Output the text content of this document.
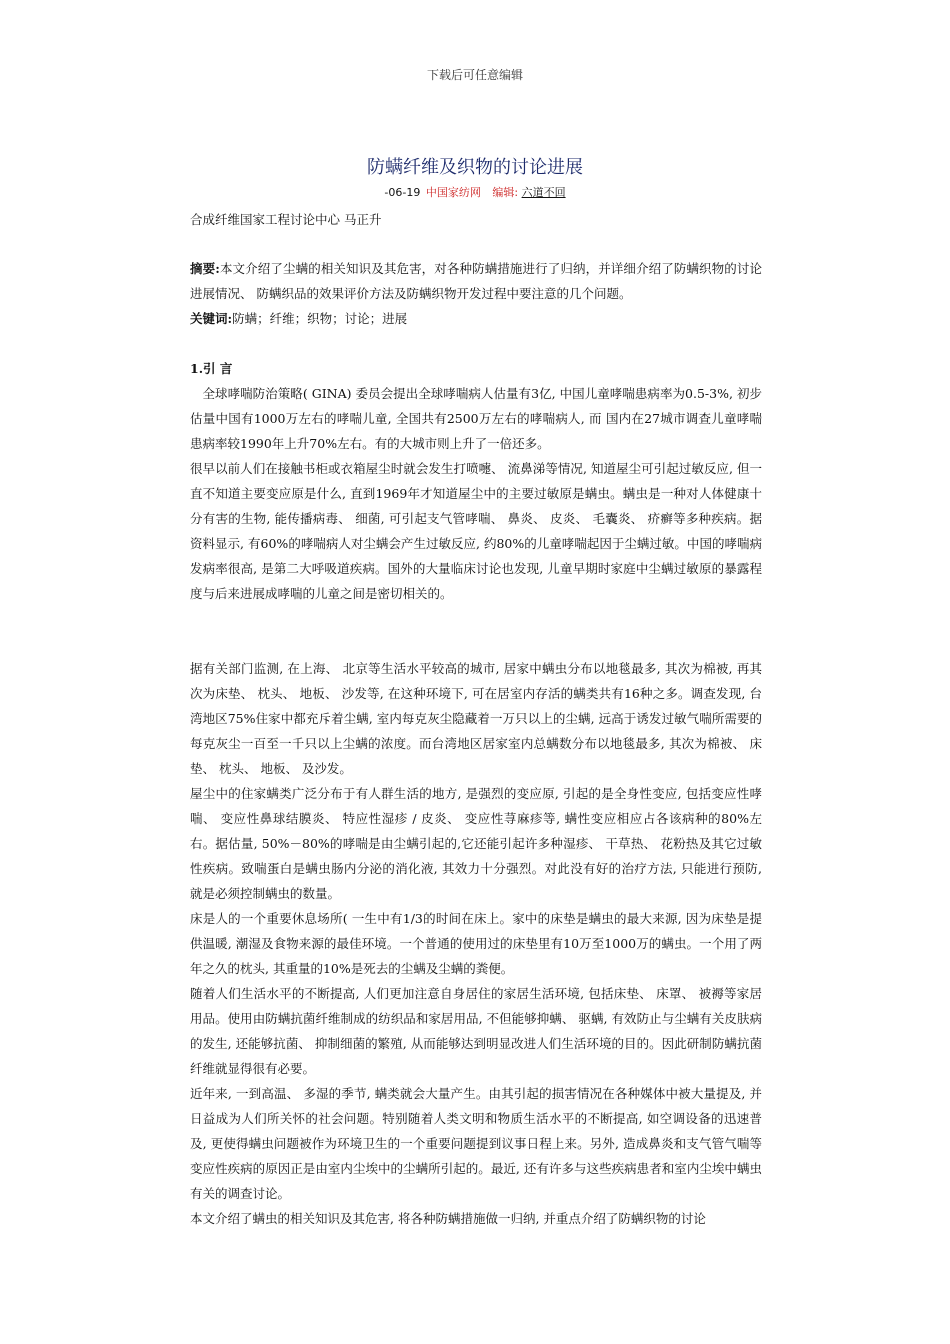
下载后可任意编辑
防螨纤维及织物的讨论进展
-06-19 中国家纺网 编辑: 六道不回
合成纤维国家工程讨论中心 马正升
摘要:本文介绍了尘螨的相关知识及其危害，对各种防螨措施进行了归纳，并详细介绍了防螨织物的讨论进展情况、 防螨织品的效果评价方法及防螨织物开发过程中要注意的几个问题。
关键词:防螨；纤维；织物；讨论；进展
1.引 言

全球哮喘防治策略( GINA) 委员会提出全球哮喘病人估量有3亿, 中国儿童哮喘患病率为0.5-3%, 初步估量中国有1000万左右的哮喘儿童, 全国共有2500万左右的哮喘病人, 而 国内在27城市调查儿童哮喘患病率较1990年上升70%左右。有的大城市则上升了一倍还多。

很早以前人们在接触书柜或衣箱屋尘时就会发生打喷嚏、 流鼻涕等情况, 知道屋尘可引起过敏反应, 但一直不知道主要变应原是什么, 直到1969年才知道屋尘中的主要过敏原是螨虫。螨虫是一种对人体健康十分有害的生物, 能传播病毒、 细菌, 可引起支气管哮喘、 鼻炎、 皮炎、 毛囊炎、 疥癣等多种疾病。据资料显示, 有60%的哮喘病人对尘螨会产生过敏反应, 约80%的儿童哮喘起因于尘螨过敏。中国的哮喘病发病率很高, 是第二大呼吸道疾病。国外的大量临床讨论也发现, 儿童早期时家庭中尘螨过敏原的暴露程度与后来进展成哮喘的儿童之间是密切相关的。

据有关部门监测, 在上海、 北京等生活水平较高的城市, 居家中螨虫分布以地毯最多, 其次为棉被, 再其次为床垫、 枕头、 地板、 沙发等, 在这种环境下, 可在居室内存活的螨类共有16种之多。调查发现, 台湾地区75%住家中都充斥着尘螨, 室内每克灰尘隐藏着一万只以上的尘螨, 远高于诱发过敏气喘所需要的每克灰尘一百至一千只以上尘螨的浓度。而台湾地区居家室内总螨数分布以地毯最多, 其次为棉被、 床垫、 枕头、 地板、 及沙发。

屋尘中的住家螨类广泛分布于有人群生活的地方, 是强烈的变应原, 引起的是全身性变应, 包括变应性哮喘、 变应性鼻球结膜炎、 特应性湿疹 / 皮炎、 变应性荨麻疹等, 螨性变应相应占各该病种的80%左右。据估量, 50%－80%的哮喘是由尘螨引起的,它还能引起许多种湿疹、 干草热、 花粉热及其它过敏性疾病。致喘蛋白是螨虫肠内分泌的消化液, 其效力十分强烈。对此没有好的治疗方法, 只能进行预防, 就是必须控制螨虫的数量。

床是人的一个重要休息场所( 一生中有1/3的时间在床上。家中的床垫是螨虫的最大来源, 因为床垫是提供温暖, 潮湿及食物来源的最佳环境。一个普通的使用过的床垫里有10万至1000万的螨虫。一个用了两年之久的枕头, 其重量的10%是死去的尘螨及尘螨的粪便。

随着人们生活水平的不断提高, 人们更加注意自身居住的家居生活环境, 包括床垫、 床罩、 被褥等家居用品。使用由防螨抗菌纤维制成的纺织品和家居用品, 不但能够抑螨、 驱螨, 有效防止与尘螨有关皮肤病的发生, 还能够抗菌、 抑制细菌的繁殖, 从而能够达到明显改进人们生活环境的目的。因此研制防螨抗菌纤维就显得很有必要。

近年来, 一到高温、 多湿的季节, 螨类就会大量产生。由其引起的损害情况在各种媒体中被大量提及, 并日益成为人们所关怀的社会问题。特别随着人类文明和物质生活水平的不断提高, 如空调设备的迅速普及, 更使得螨虫问题被作为环境卫生的一个重要问题提到议事日程上来。另外, 造成鼻炎和支气管气喘等变应性疾病的原因正是由室内尘埃中的尘螨所引起的。最近, 还有许多与这些疾病患者和室内尘埃中螨虫有关的调查讨论。

本文介绍了螨虫的相关知识及其危害, 将各种防螨措施做一归纳, 并重点介绍了防螨织物的讨论
